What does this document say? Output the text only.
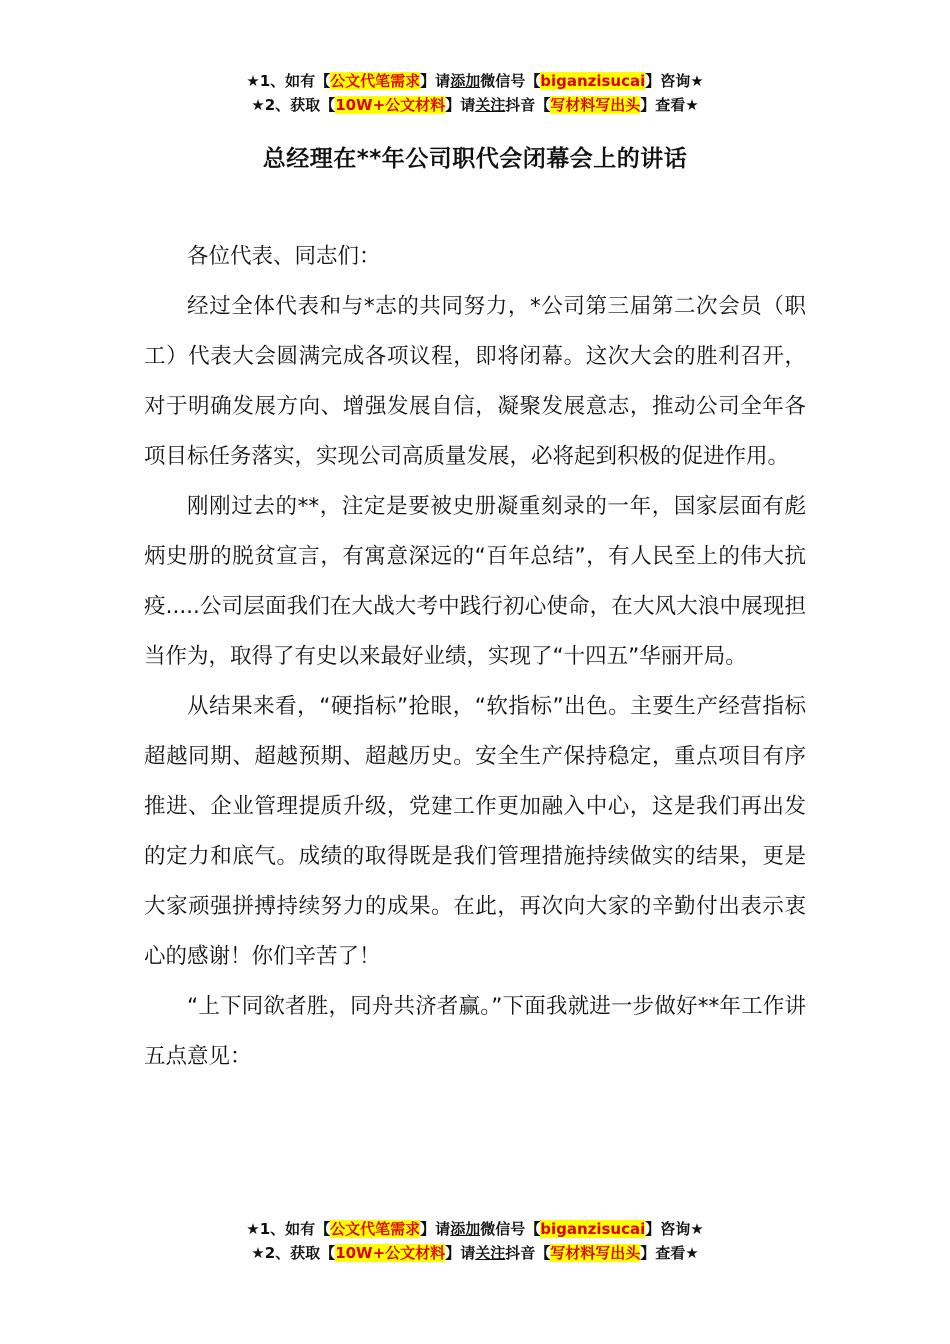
★1、如有【公文代笔需求】请添加微信号【biganzisucai】咨询★
★2、获取【10W+公文材料】请关注抖音【写材料写出头】查看★
总经理在**年公司职代会闭幕会上的讲话

各位代表、同志们：

经过全体代表和与*志的共同努力，*公司第三届第二次会员（职工）代表大会圆满完成各项议程，即将闭幕。这次大会的胜利召开，对于明确发展方向、增强发展自信，凝聚发展意志，推动公司全年各项目标任务落实，实现公司高质量发展，必将起到积极的促进作用。

刚刚过去的**，注定是要被史册凝重刻录的一年，国家层面有彪炳史册的脱贫宣言，有寓意深远的“百年总结”，有人民至上的伟大抗疫.....公司层面我们在大战大考中践行初心使命，在大风大浪中展现担当作为，取得了有史以来最好业绩，实现了“十四五”华丽开局。

从结果来看，“硬指标”抢眼，“软指标”出色。主要生产经营指标超越同期、超越预期、超越历史。安全生产保持稳定，重点项目有序推进、企业管理提质升级，党建工作更加融入中心，这是我们再出发的定力和底气。成绩的取得既是我们管理措施持续做实的结果，更是大家顽强拼搏持续努力的成果。在此，再次向大家的辛勤付出表示衷心的感谢！你们辛苦了！

“上下同欲者胜，同舟共济者赢。”下面我就进一步做好**年工作讲五点意见：

★1、如有【公文代笔需求】请添加微信号【biganzisucai】咨询★
★2、获取【10W+公文材料】请关注抖音【写材料写出头】查看★
